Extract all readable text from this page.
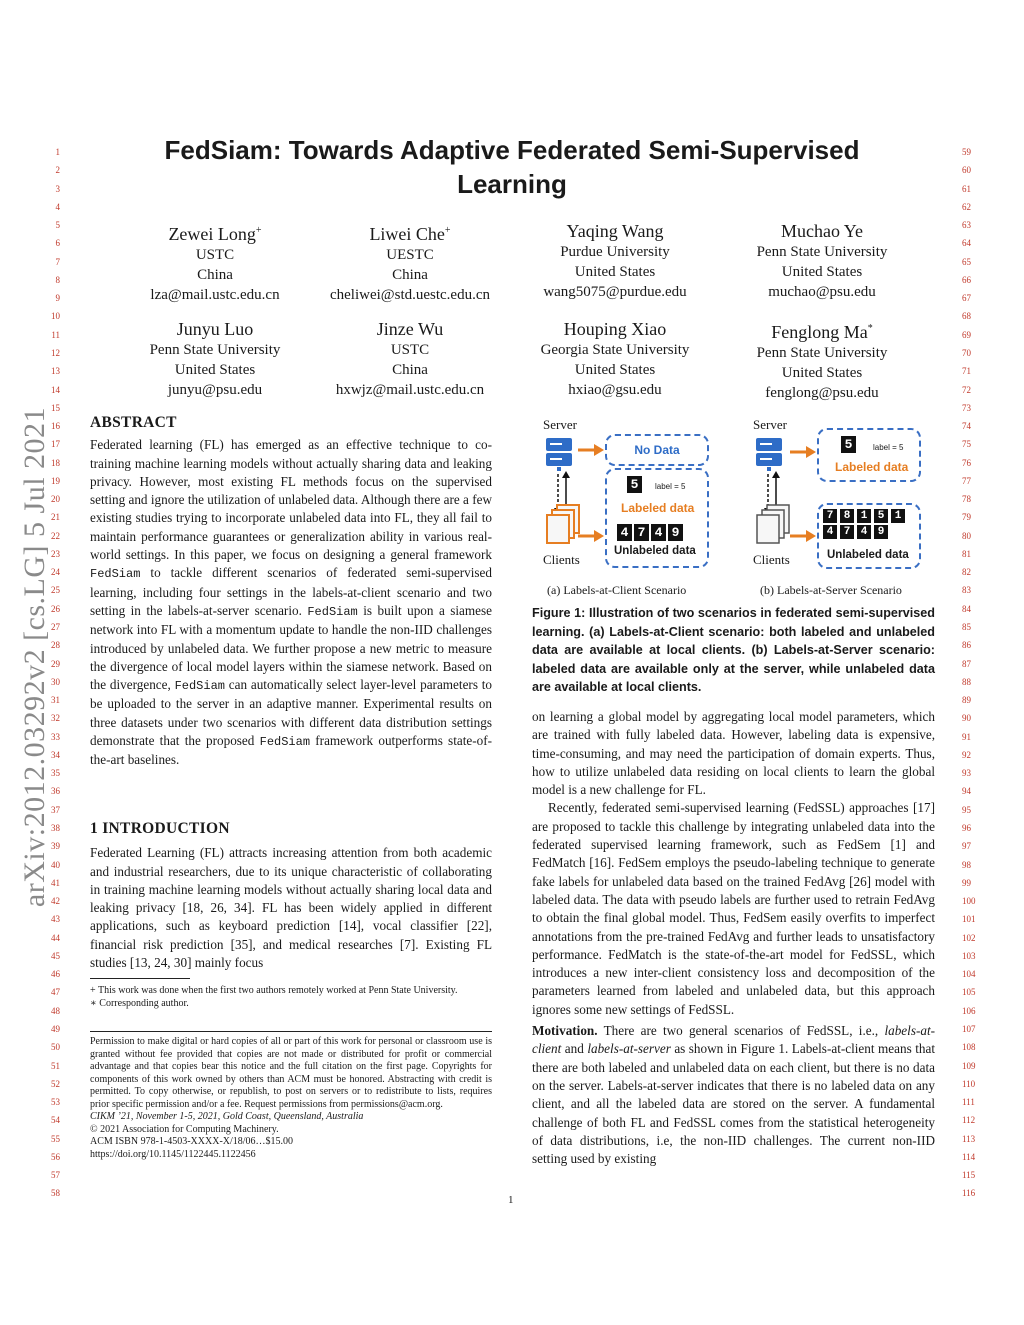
arXiv:2012.03292v2 [cs.LG] 5 Jul 2021
1	59
2	60
3	61
4	62
5	63
6	64
7	65
8	66
9	67
10	68
11	69
12	70
13	71
14	72
15	73
16	74
17	75
18	76
19	77
20	78
21	79
22	80
23	81
24	82
25	83
26	84
27	85
28	86
29	87
30	88
31	89
32	90
33	91
34	92
35	93
36	94
37	95
38	96
39	97
40	98
41	99
42	100
43	101
44	102
45	103
46	104
47	105
48	106
49	107
50	108
51	109
52	110
53	111
54	112
55	113
56	114
57	115
58	116
FedSiam: Towards Adaptive Federated Semi-Supervised Learning
Zewei Long+
USTC
China
lza@mail.ustc.edu.cn
Liwei Che+
UESTC
China
cheliwei@std.uestc.edu.cn
Yaqing Wang
Purdue University
United States
wang5075@purdue.edu
Muchao Ye
Penn State University
United States
muchao@psu.edu
Junyu Luo
Penn State University
United States
junyu@psu.edu
Jinze Wu
USTC
China
hxwjz@mail.ustc.edu.cn
Houping Xiao
Georgia State University
United States
hxiao@gsu.edu
Fenglong Ma*
Penn State University
United States
fenglong@psu.edu
ABSTRACT

Federated learning (FL) has emerged as an effective technique to co-training machine learning models without actually sharing data and leaking privacy. However, most existing FL methods focus on the supervised setting and ignore the utilization of unlabeled data. Although there are a few existing studies trying to incorporate unlabeled data into FL, they all fail to maintain performance guarantees or generalization ability in various real-world settings. In this paper, we focus on designing a general framework FedSiam to tackle different scenarios of federated semi-supervised learning, including four settings in the labels-at-client scenario and two setting in the labels-at-server scenario. FedSiam is built upon a siamese network into FL with a momentum update to handle the non-IID challenges introduced by unlabeled data. We further propose a new metric to measure the divergence of local model layers within the siamese network. Based on the divergence, FedSiam can automatically select layer-level parameters to be uploaded to the server in an adaptive manner. Experimental results on three datasets under two scenarios with different data distribution settings demonstrate that the proposed FedSiam framework outperforms state-of-the-art baselines.

1 INTRODUCTION

Federated Learning (FL) attracts increasing attention from both academic and industrial researchers, due to its unique characteristic of collaborating in training machine learning models without actually sharing local data and leaking privacy [18, 26, 34]. FL has been widely applied in different applications, such as keyboard prediction [14], vocal classifier [22], financial risk prediction [35], and medical researches [7]. Existing FL studies [13, 24, 30] mainly focus

+ This work was done when the first two authors remotely worked at Penn State University.

∗ Corresponding author.

Permission to make digital or hard copies of all or part of this work for personal or classroom use is granted without fee provided that copies are not made or distributed for profit or commercial advantage and that copies bear this notice and the full citation on the first page. Copyrights for components of this work owned by others than ACM must be honored. Abstracting with credit is permitted. To copy otherwise, or republish, to post on servers or to redistribute to lists, requires prior specific permission and/or a fee. Request permissions from permissions@acm.org.

CIKM ’21, November 1-5, 2021, Gold Coast, Queensland, Australia

© 2021 Association for Computing Machinery.

ACM ISBN 978-1-4503-XXXX-X/18/06…$15.00

https://doi.org/10.1145/1122445.1122456

Server
Clients
No Data
5	label = 5
Labeled data
4 7 4 9
Unlabeled data
(a) Labels-at-Client Scenario
Server
Clients
5	label = 5
Labeled data
7 8 1 5 1
4 7 4 9
Unlabeled data
(b) Labels-at-Server Scenario
Figure 1: Illustration of two scenarios in federated semi-supervised learning. (a) Labels-at-Client scenario: both labeled and unlabeled data are available at local clients. (b) Labels-at-Server scenario: labeled data are available only at the server, while unlabeled data are available at local clients.

on learning a global model by aggregating local model parameters, which are trained with fully labeled data. However, labeling data is expensive, time-consuming, and may need the participation of domain experts. Thus, how to utilize unlabeled data residing on local clients to learn the global model is a new challenge for FL.

Recently, federated semi-supervised learning (FedSSL) approaches [17] are proposed to tackle this challenge by integrating unlabeled data into the federated supervised learning framework, such as FedSem [1] and FedMatch [16]. FedSem employs the pseudo-labeling technique to generate fake labels for unlabeled data based on the trained FedAvg [26] model with labeled data. The data with pseudo labels are further used to retrain FedAvg to obtain the final global model. Thus, FedSem easily overfits to imperfect annotations from the pre-trained FedAvg and further leads to unsatisfactory performance. FedMatch is the state-of-the-art model for FedSSL, which introduces a new inter-client consistency loss and decomposition of the parameters learned from labeled and unlabeled data, but this approach ignores some new settings of FedSSL.

Motivation. There are two general scenarios of FedSSL, i.e., labels-at-client and labels-at-server as shown in Figure 1. Labels-at-client means that there are both labeled and unlabeled data on each client, but there is no data on the server. Labels-at-server indicates that there is no labeled data on any client, and all the labeled data are stored on the server. A fundamental challenge of both FL and FedSSL comes from the statistical heterogeneity of data distributions, i.e, the non-IID challenges. The current non-IID setting used by existing

1
